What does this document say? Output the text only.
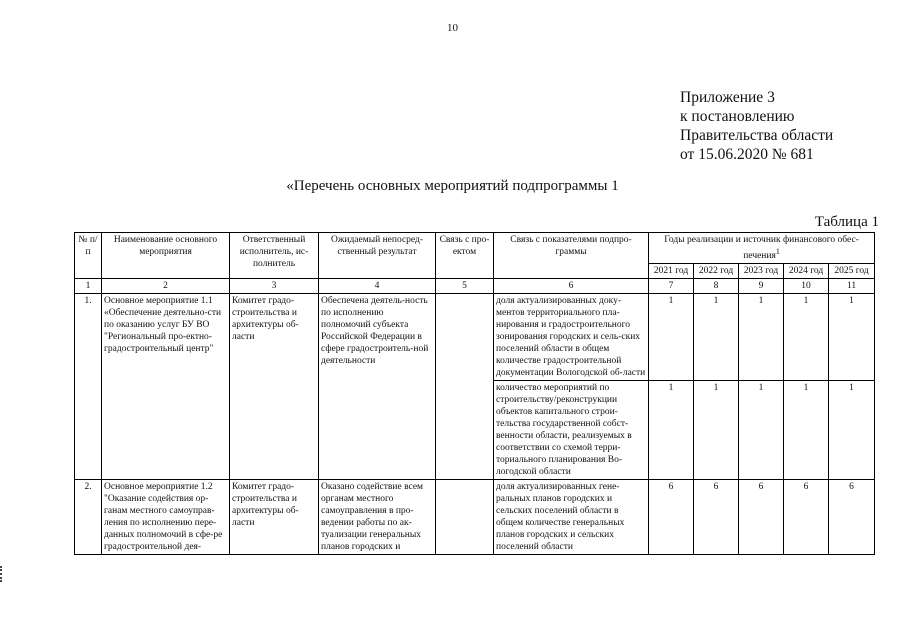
10
Приложение 3
к постановлению
Правительства области
от 15.06.2020 № 681
«Перечень основных мероприятий подпрограммы 1
Таблица 1
№ п/п	Наименование основного мероприятия	Ответственный исполнитель, ис-полнитель	Ожидаемый непосред-ственный результат	Связь с про-ектом	Связь с показателями подпро-граммы	Годы реализации и источник финансового обес-печения$^1$
						2021 год	2022 год	2023 год	2024 год	2025 год
1	2	3	4	5	6	7	8	9	10	11
1.	Основное мероприятие 1.1 «Обеспечение деятельно-сти по оказанию услуг БУ ВО "Региональный про-ектно-градостроительный центр"	Комитет градо-строительства и архитектуры об-ласти	Обеспечена деятель-ность по исполнению полномочий субъекта Российской Федерации в сфере градостроитель-ной деятельности		доля актуализированных доку-ментов территориального пла-нирования и градостроительного зонирования городских и сель-ских поселений области в общем количестве градостроительной документации Вологодской об-ласти	1	1	1	1	1
					количество мероприятий по строительству/реконструкции объектов капитального строи-тельства государственной собст-венности области, реализуемых в соответствии со схемой терри-ториального планирования Во-логодской области	1	1	1	1	1
2.	Основное мероприятие 1.2 "Оказание содействия ор-ганам местного самоуправ-ления по исполнению пере-данных полномочий в сфе-ре градостроительной дея-	Комитет градо-строительства и архитектуры об-ласти	Оказано содействие всем органам местного самоуправления в про-ведении работы по ак-туализации генеральных планов городских и		доля актуализированных гене-ральных планов городских и сельских поселений области в общем количестве генеральных планов городских и сельских поселений области	6	6	6	6	6
